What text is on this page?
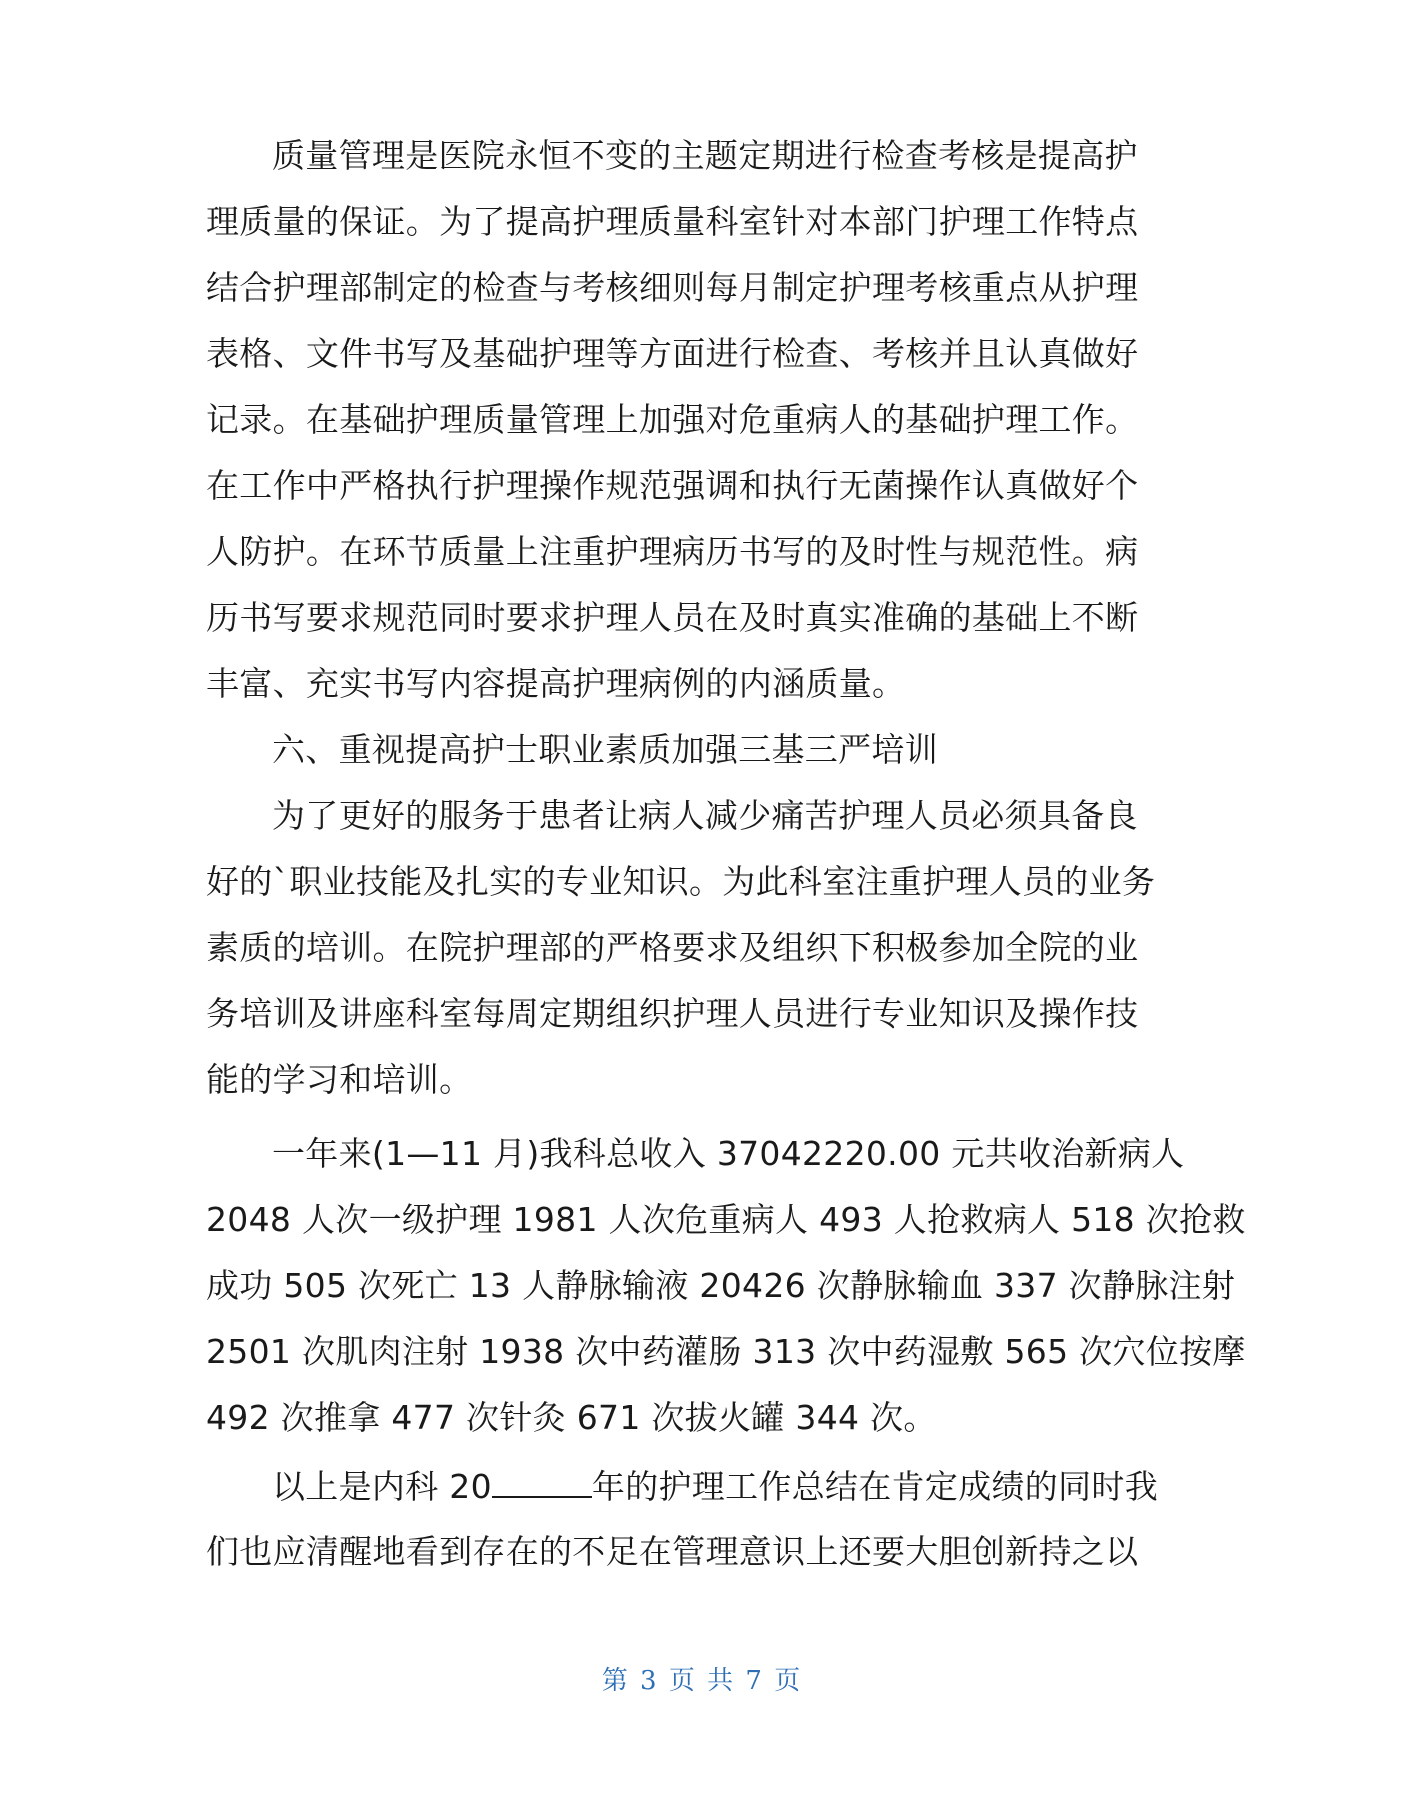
质量管理是医院永恒不变的主题定期进行检查考核是提高护
理质量的保证。为了提高护理质量科室针对本部门护理工作特点
结合护理部制定的检查与考核细则每月制定护理考核重点从护理
表格、文件书写及基础护理等方面进行检查、考核并且认真做好
记录。在基础护理质量管理上加强对危重病人的基础护理工作。
在工作中严格执行护理操作规范强调和执行无菌操作认真做好个
人防护。在环节质量上注重护理病历书写的及时性与规范性。病
历书写要求规范同时要求护理人员在及时真实准确的基础上不断
丰富、充实书写内容提高护理病例的内涵质量。
六、重视提高护士职业素质加强三基三严培训
为了更好的服务于患者让病人减少痛苦护理人员必须具备良
好的`职业技能及扎实的专业知识。为此科室注重护理人员的业务
素质的培训。在院护理部的严格要求及组织下积极参加全院的业
务培训及讲座科室每周定期组织护理人员进行专业知识及操作技
能的学习和培训。
一年来(1—11 月)我科总收入 37042220.00 元共收治新病人
2048 人次一级护理 1981 人次危重病人 493 人抢救病人 518 次抢救
成功 505 次死亡 13 人静脉输液 20426 次静脉输血 337 次静脉注射
2501 次肌肉注射 1938 次中药灌肠 313 次中药湿敷 565 次穴位按摩
492 次推拿 477 次针灸 671 次拔火罐 344 次。
以上是内科 20	年的护理工作总结在肯定成绩的同时我
们也应清醒地看到存在的不足在管理意识上还要大胆创新持之以
第 3 页 共 7 页
